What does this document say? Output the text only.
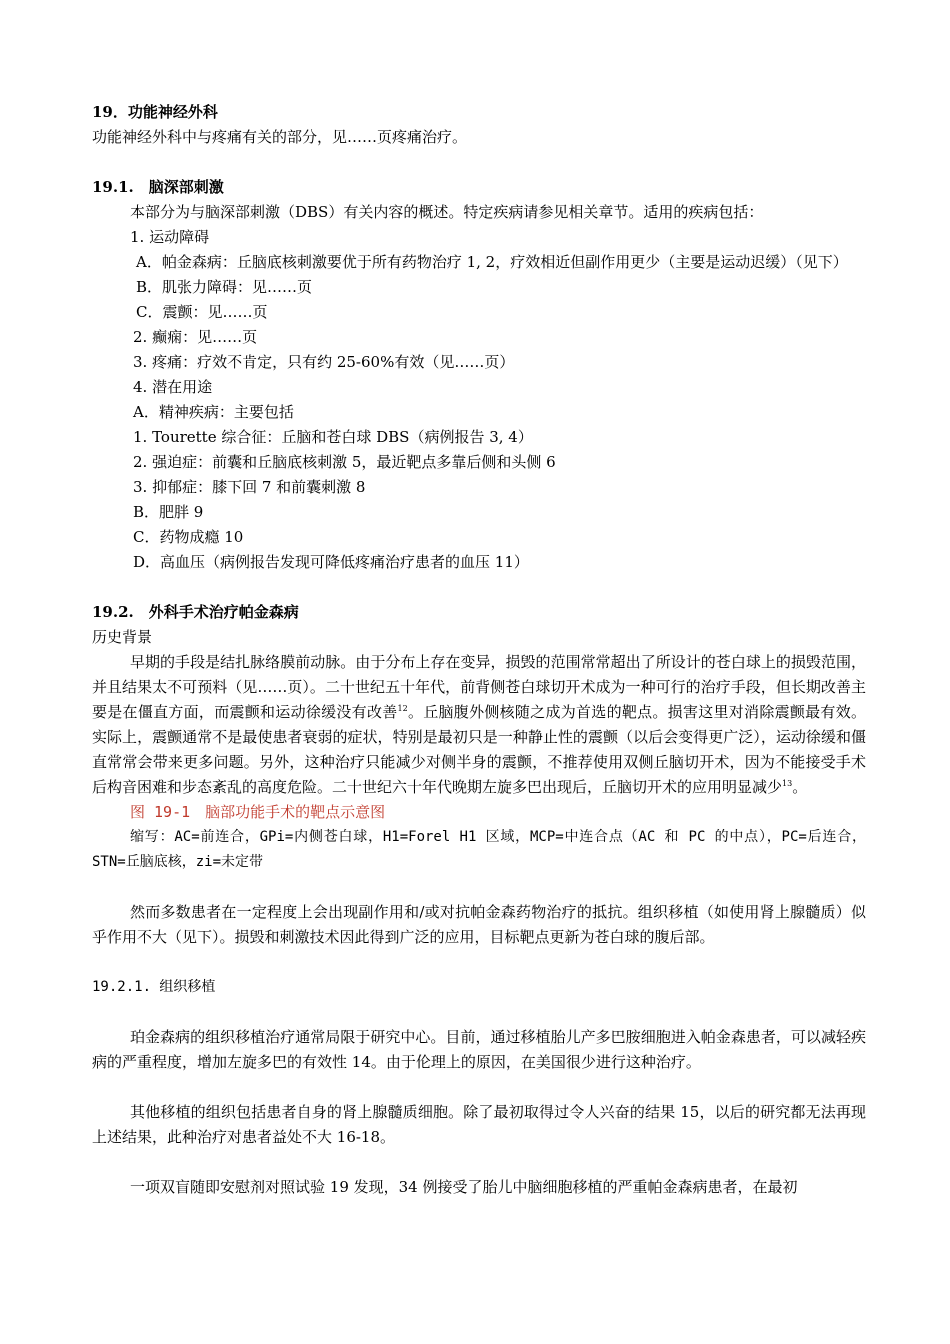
19．功能神经外科
功能神经外科中与疼痛有关的部分，见……页疼痛治疗。
19.1.　脑深部刺激
本部分为与脑深部刺激（DBS）有关内容的概述。特定疾病请参见相关章节。适用的疾病包括：
1. 运动障碍
A．帕金森病：丘脑底核刺激要优于所有药物治疗 1, 2，疗效相近但副作用更少（主要是运动迟缓）（见下）
B．肌张力障碍：见……页
C．震颤：见……页
2. 癫痫：见……页
3. 疼痛：疗效不肯定，只有约 25-60%有效（见……页）
4. 潜在用途
A．精神疾病：主要包括
1. Tourette 综合征：丘脑和苍白球 DBS（病例报告 3, 4）
2. 强迫症：前囊和丘脑底核刺激 5，最近靶点多靠后侧和头侧 6
3. 抑郁症：膝下回 7 和前囊刺激 8
B．肥胖 9
C．药物成瘾 10
D．高血压（病例报告发现可降低疼痛治疗患者的血压 11）
19.2.　外科手术治疗帕金森病
历史背景
早期的手段是结扎脉络膜前动脉。由于分布上存在变异，损毁的范围常常超出了所设计的苍白球上的损毁范围，并且结果太不可预料（见……页）。二十世纪五十年代，前背侧苍白球切开术成为一种可行的治疗手段，但长期改善主要是在僵直方面，而震颤和运动徐缓没有改善$^{12}$。丘脑腹外侧核随之成为首选的靶点。损害这里对消除震颤最有效。实际上，震颤通常不是最使患者衰弱的症状，特别是最初只是一种静止性的震颤（以后会变得更广泛），运动徐缓和僵直常常会带来更多问题。另外，这种治疗只能减少对侧半身的震颤，不推荐使用双侧丘脑切开术，因为不能接受手术后构音困难和步态紊乱的高度危险。二十世纪六十年代晚期左旋多巴出现后，丘脑切开术的应用明显减少$^{13}$。
图 19-1　脑部功能手术的靶点示意图
缩写：AC=前连合，GPi=内侧苍白球，H1=Forel H1 区域，MCP=中连合点（AC 和 PC 的中点），PC=后连合，STN=丘脑底核，zi=未定带
然而多数患者在一定程度上会出现副作用和/或对抗帕金森药物治疗的抵抗。组织移植（如使用肾上腺髓质）似乎作用不大（见下）。损毁和刺激技术因此得到广泛的应用，目标靶点更新为苍白球的腹后部。
19.2.1. 组织移植
珀金森病的组织移植治疗通常局限于研究中心。目前，通过移植胎儿产多巴胺细胞进入帕金森患者，可以减轻疾病的严重程度，增加左旋多巴的有效性 14。由于伦理上的原因，在美国很少进行这种治疗。
其他移植的组织包括患者自身的肾上腺髓质细胞。除了最初取得过令人兴奋的结果 15，以后的研究都无法再现上述结果，此种治疗对患者益处不大 16-18。
一项双盲随即安慰剂对照试验 19 发现，34 例接受了胎儿中脑细胞移植的严重帕金森病患者，在最初
